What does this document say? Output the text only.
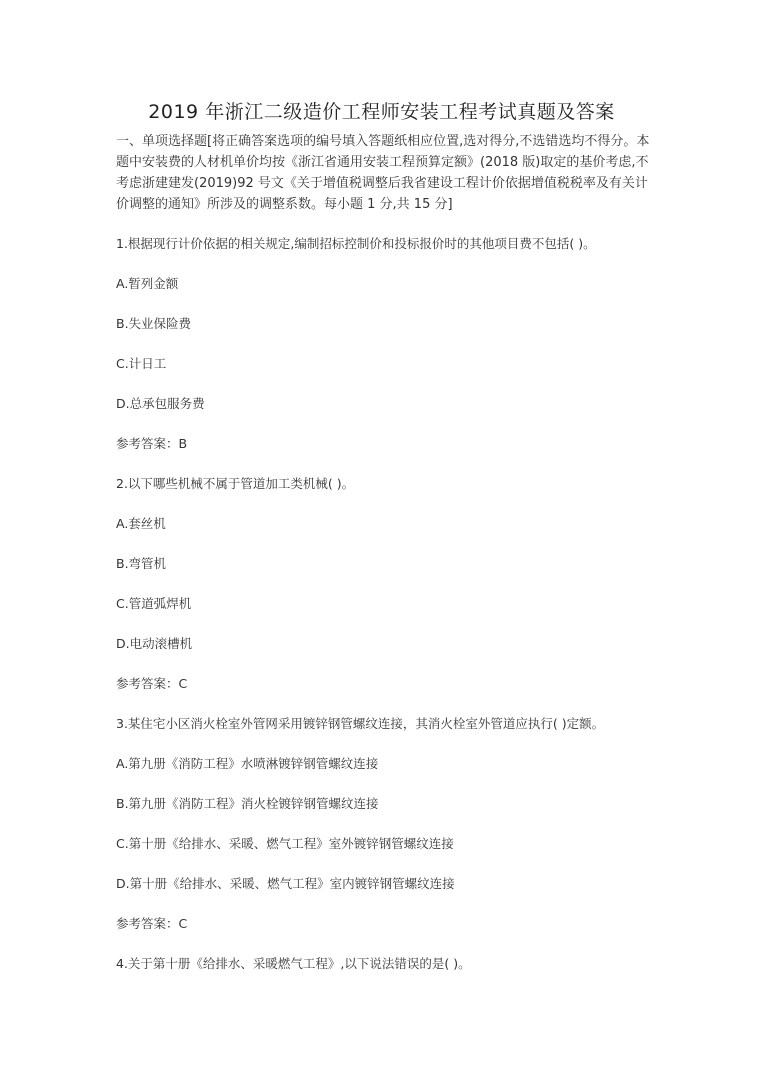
2019 年浙江二级造价工程师安装工程考试真题及答案
一、单项选择题[将正确答案选项的编号填入答题纸相应位置,选对得分,不选错选均不得分。本题中安装费的人材机单价均按《浙江省通用安装工程预算定额》(2018 版)取定的基价考虑,不考虑浙建建发(2019)92 号文《关于增值税调整后我省建设工程计价依据增值税税率及有关计价调整的通知》所涉及的调整系数。每小题 1 分,共 15 分]
1.根据现行计价依据的相关规定,编制招标控制价和投标报价时的其他项目费不包括( )。
A.暂列金额
B.失业保险费
C.计日工
D.总承包服务费
参考答案：B
2.以下哪些机械不属于管道加工类机械( )。
A.套丝机
B.弯管机
C.管道弧焊机
D.电动滚槽机
参考答案：C
3.某住宅小区消火栓室外管网采用镀锌钢管螺纹连接，其消火栓室外管道应执行( )定额。
A.第九册《消防工程》水喷淋镀锌钢管螺纹连接
B.第九册《消防工程》消火栓镀锌钢管螺纹连接
C.第十册《给排水、采暖、燃气工程》室外镀锌钢管螺纹连接
D.第十册《给排水、采暖、燃气工程》室内镀锌钢管螺纹连接
参考答案：C
4.关于第十册《给排水、采暖燃气工程》,以下说法错误的是( )。
